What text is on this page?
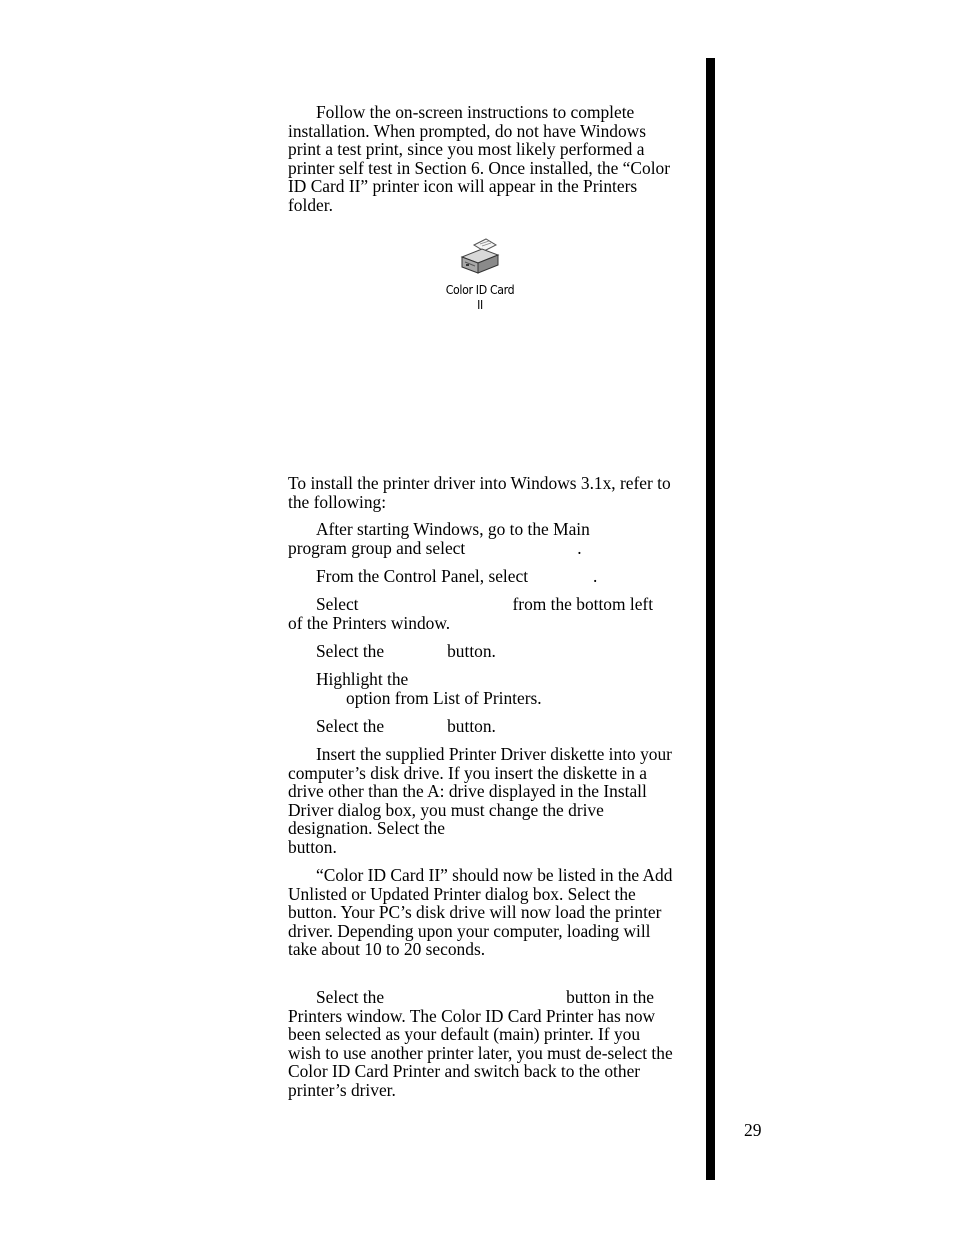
Follow the on-screen instructions to complete installation. When prompted, do not have Windows print a test print, since you most likely performed a printer self test in Section 6. Once installed, the “Color ID Card II” printer icon will appear in the Printers folder.

Color ID Card
II

To install the printer driver into Windows 3.1x, refer to the following:

After starting Windows, go to the Main
program group and select	.

From the Control Panel, select	.

Select	from the bottom left
of the Printers window.

Select the	button.

Highlight the
option from List of Printers.

Select the	button.

Insert the supplied Printer Driver diskette into your computer’s disk drive. If you insert the diskette in a drive other than the A: drive displayed in the Install Driver dialog box, you must change the drive designation. Select the
button.

“Color ID Card II” should now be listed in the Add Unlisted or Updated Printer dialog box. Select thebutton. Your PC’s disk drive will now load the printer driver. Depending upon your computer, loading will take about 10 to 20 seconds.

Select the	button in the
Printers window. The Color ID Card Printer has now been selected as your default (main) printer. If you wish to use another printer later, you must de-select the Color ID Card Printer and switch back to the other printer’s driver.

29
